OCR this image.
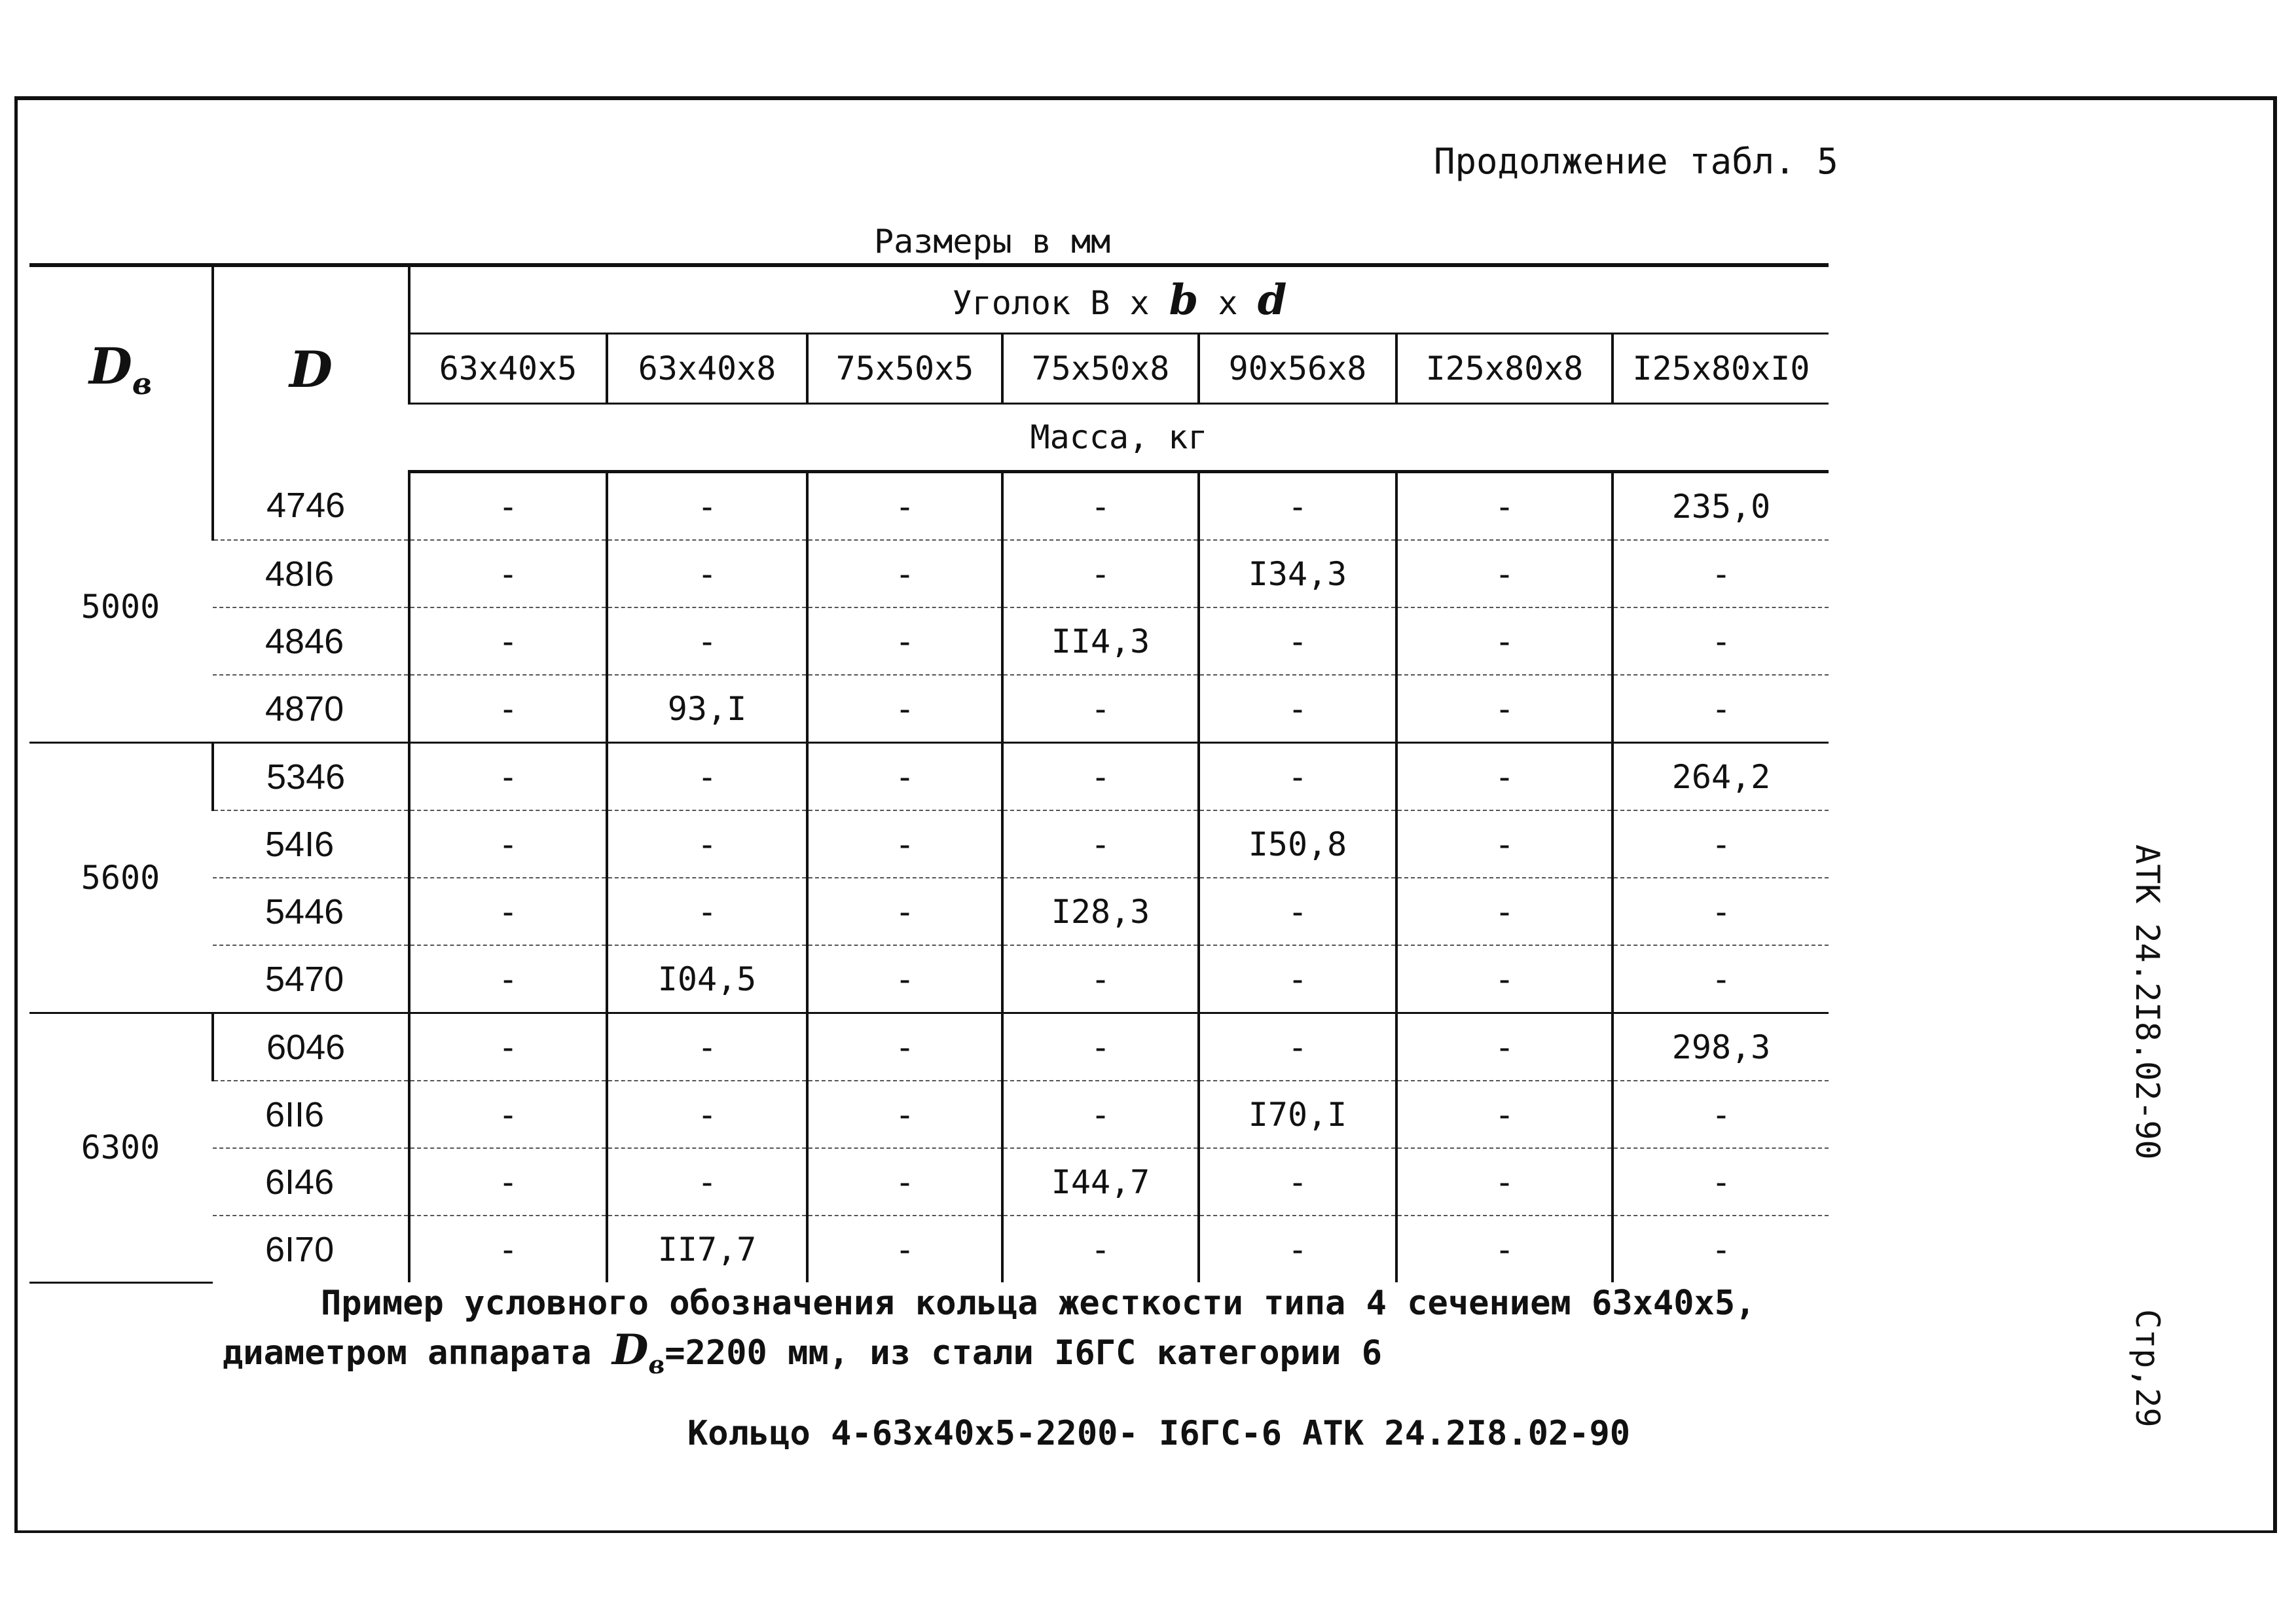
Продолжение табл. 5
Размеры в мм
$D_в$	D	Уголок B x b x d						
		63x40x5	63x40x8	75x50x5	75x50x8	90x56x8	I25x80x8	I25x80xI0
		Масса, кг						
5000	4746	-	-	-	-	-	-	235,0
	48I6	-	-	-	-	I34,3	-	-
	4846	-	-	-	II4,3	-	-	-
	4870	-	93,I	-	-	-	-	-
5600	5346	-	-	-	-	-	-	264,2
	54I6	-	-	-	-	I50,8	-	-
	5446	-	-	-	I28,3	-	-	-
	5470	-	I04,5	-	-	-	-	-
6300	6046	-	-	-	-	-	-	298,3
	6II6	-	-	-	-	I70,I	-	-
	6I46	-	-	-	I44,7	-	-	-
	6I70	-	II7,7	-	-	-	-	-
Пример условного обозначения кольца жесткости типа 4 сечением 63x40x5,
диаметром аппарата $D_в=2200$ мм, из стали I6ГС категории 6
Кольцо 4-63x40x5-2200- I6ГС-6 АТК 24.2I8.02-90
АТК 24.2I8.02-90
Стр,29
